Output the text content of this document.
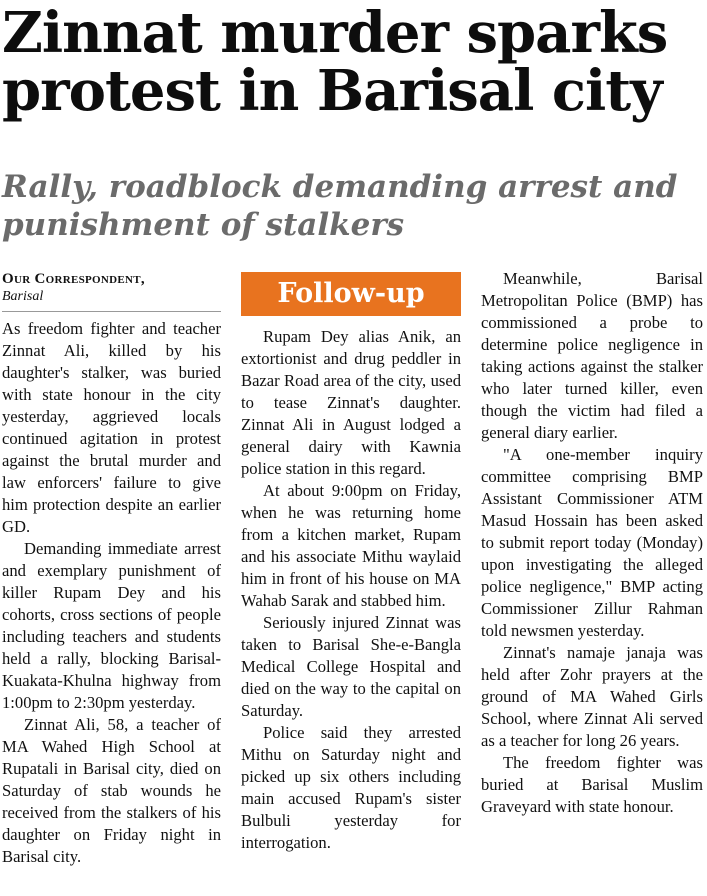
Zinnat murder sparks protest in Barisal city
Rally, roadblock demanding arrest and punishment of stalkers
Our Correspondent,
Barisal

As freedom fighter and teacher Zinnat Ali, killed by his daughter's stalker, was buried with state honour in the city yesterday, aggrieved locals continued agitation in protest against the brutal murder and law enforcers' failure to give him protection despite an earlier GD.

Demanding immediate arrest and exemplary punishment of killer Rupam Dey and his cohorts, cross sections of people including teachers and students held a rally, blocking Barisal-Kuakata-Khulna highway from 1:00pm to 2:30pm yesterday.

Zinnat Ali, 58, a teacher of MA Wahed High School at Rupatali in Barisal city, died on Saturday of stab wounds he received from the stalkers of his daughter on Friday night in Barisal city.

Follow-up

Rupam Dey alias Anik, an extortionist and drug peddler in Bazar Road area of the city, used to tease Zinnat's daughter. Zinnat Ali in August lodged a general dairy with Kawnia police station in this regard.

At about 9:00pm on Friday, when he was returning home from a kitchen market, Rupam and his associate Mithu waylaid him in front of his house on MA Wahab Sarak and stabbed him.

Seriously injured Zinnat was taken to Barisal She-e-Bangla Medical College Hospital and died on the way to the capital on Saturday.

Police said they arrested Mithu on Saturday night and picked up six others including main accused Rupam's sister Bulbuli yesterday for interrogation.

Meanwhile, Barisal Metropolitan Police (BMP) has commissioned a probe to determine police negligence in taking actions against the stalker who later turned killer, even though the victim had filed a general diary earlier.

"A one-member inquiry committee comprising BMP Assistant Commissioner ATM Masud Hossain has been asked to submit report today (Monday) upon investigating the alleged police negligence," BMP acting Commissioner Zillur Rahman told newsmen yesterday.

Zinnat's namaje janaja was held after Zohr prayers at the ground of MA Wahed Girls School, where Zinnat Ali served as a teacher for long 26 years.

The freedom fighter was buried at Barisal Muslim Graveyard with state honour.
